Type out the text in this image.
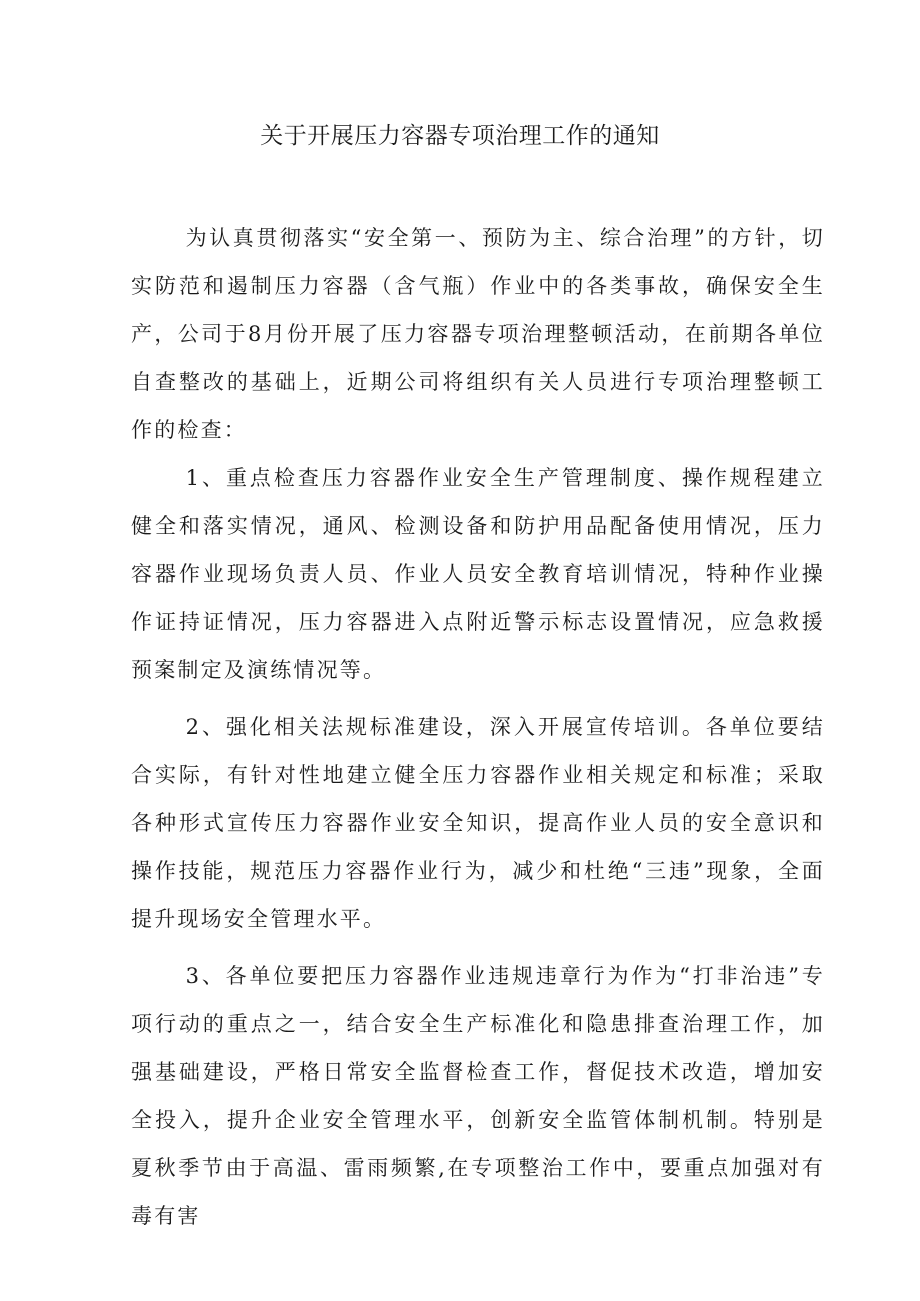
关于开展压力容器专项治理工作的通知

为认真贯彻落实“安全第一、预防为主、综合治理”的方针，切实防范和遏制压力容器（含气瓶）作业中的各类事故，确保安全生产，公司于8月份开展了压力容器专项治理整顿活动，在前期各单位自查整改的基础上，近期公司将组织有关人员进行专项治理整顿工作的检查：

1、重点检查压力容器作业安全生产管理制度、操作规程建立健全和落实情况，通风、检测设备和防护用品配备使用情况，压力容器作业现场负责人员、作业人员安全教育培训情况，特种作业操作证持证情况，压力容器进入点附近警示标志设置情况，应急救援预案制定及演练情况等。

2、强化相关法规标准建设，深入开展宣传培训。各单位要结合实际，有针对性地建立健全压力容器作业相关规定和标准；采取各种形式宣传压力容器作业安全知识，提高作业人员的安全意识和操作技能，规范压力容器作业行为，减少和杜绝“三违”现象，全面提升现场安全管理水平。

3、各单位要把压力容器作业违规违章行为作为“打非治违”专项行动的重点之一，结合安全生产标准化和隐患排查治理工作，加强基础建设，严格日常安全监督检查工作，督促技术改造，增加安全投入，提升企业安全管理水平，创新安全监管体制机制。特别是夏秋季节由于高温、雷雨频繁,在专项整治工作中，要重点加强对有毒有害
